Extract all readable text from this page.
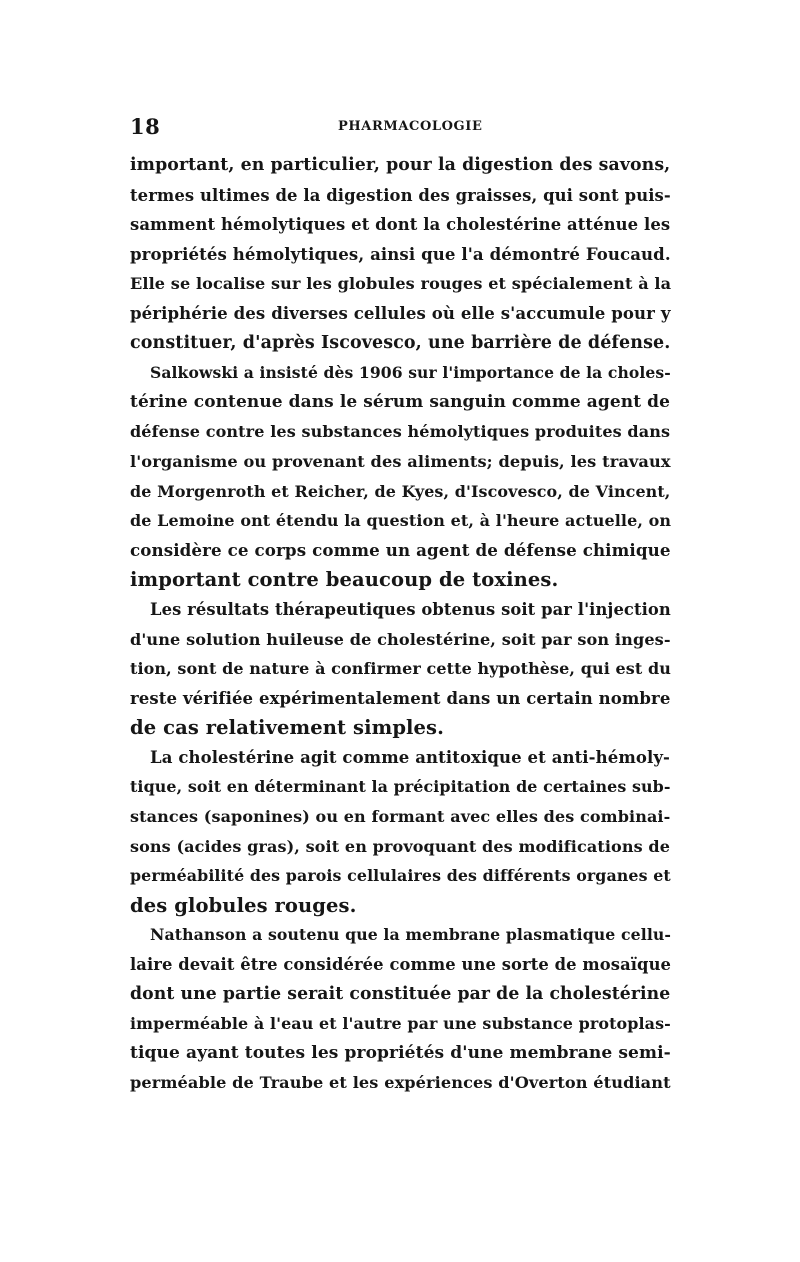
18	PHARMACOLOGIE
important, en particulier, pour la digestion des savons,
termes ultimes de la digestion des graisses, qui sont puis-
samment hémolytiques et dont la cholestérine atténue les
propriétés hémolytiques, ainsi que l'a démontré Foucaud.
Elle se localise sur les globules rouges et spécialement à la
périphérie des diverses cellules où elle s'accumule pour y
constituer, d'après Iscovesco, une barrière de défense.
Salkowski a insisté dès 1906 sur l'importance de la choles-
térine contenue dans le sérum sanguin comme agent de
défense contre les substances hémolytiques produites dans
l'organisme ou provenant des aliments; depuis, les travaux
de Morgenroth et Reicher, de Kyes, d'Iscovesco, de Vincent,
de Lemoine ont étendu la question et, à l'heure actuelle, on
considère ce corps comme un agent de défense chimique
important contre beaucoup de toxines.
Les résultats thérapeutiques obtenus soit par l'injection
d'une solution huileuse de cholestérine, soit par son inges-
tion, sont de nature à confirmer cette hypothèse, qui est du
reste vérifiée expérimentalement dans un certain nombre
de cas relativement simples.
La cholestérine agit comme antitoxique et anti-hémoly-
tique, soit en déterminant la précipitation de certaines sub-
stances (saponines) ou en formant avec elles des combinai-
sons (acides gras), soit en provoquant des modifications de
perméabilité des parois cellulaires des différents organes et
des globules rouges.
Nathanson a soutenu que la membrane plasmatique cellu-
laire devait être considérée comme une sorte de mosaïque
dont une partie serait constituée par de la cholestérine
imperméable à l'eau et l'autre par une substance protoplas-
tique ayant toutes les propriétés d'une membrane semi-
perméable de Traube et les expériences d'Overton étudiant
